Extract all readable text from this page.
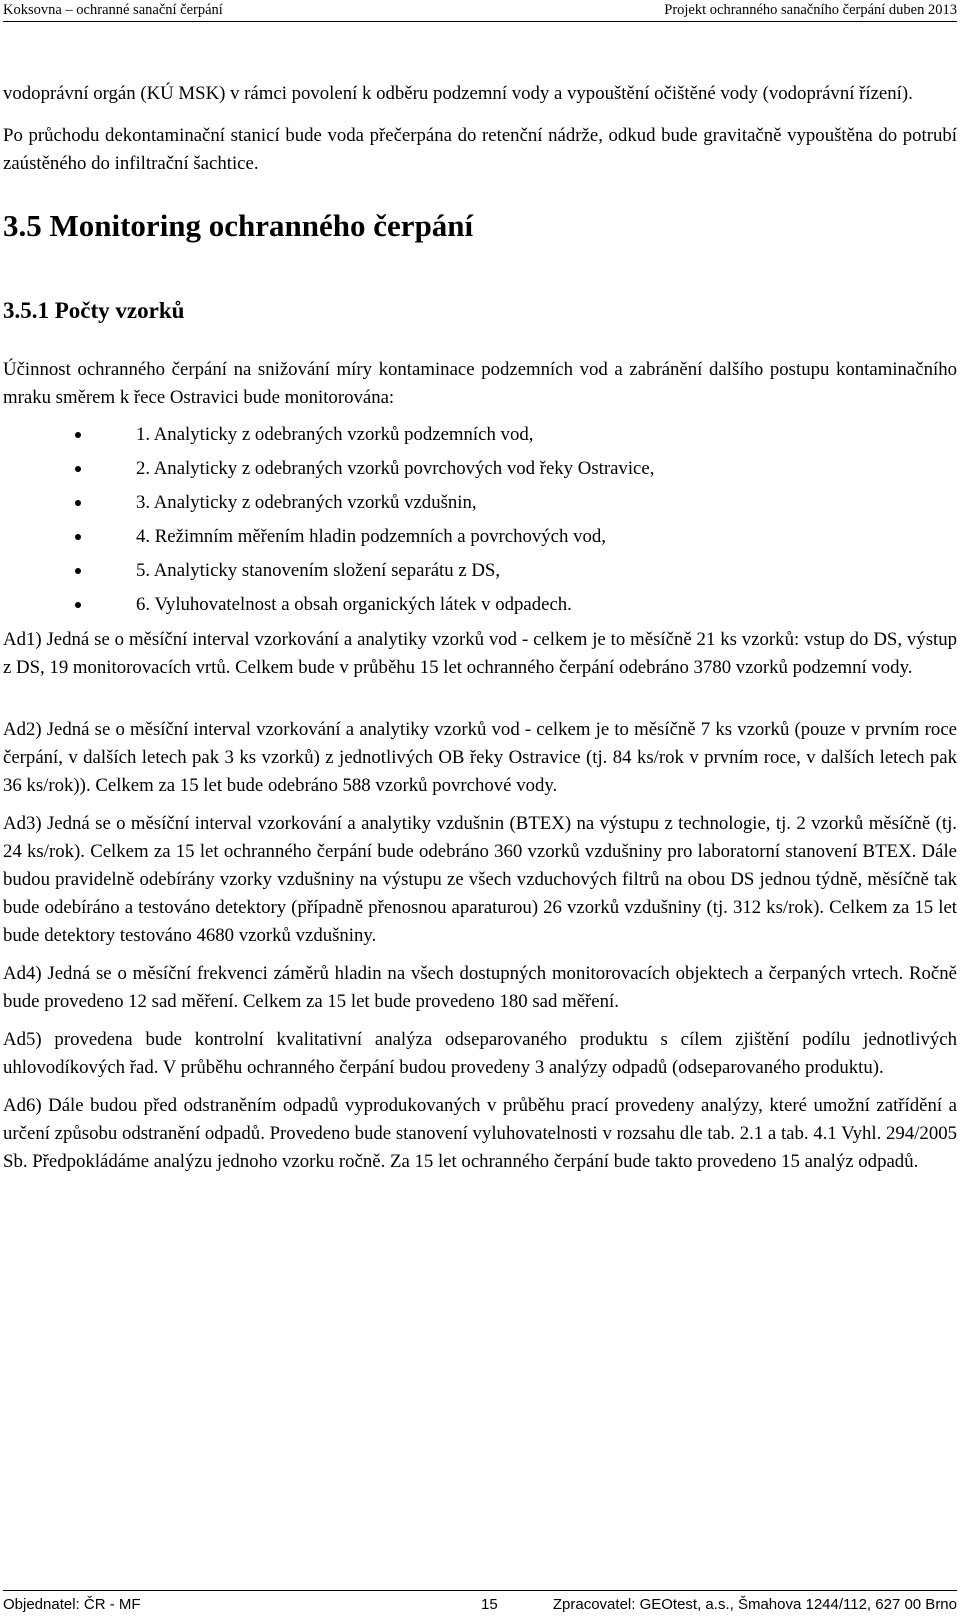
Koksovna – ochranné sanační čerpání	Projekt ochranného sanačního čerpání duben 2013

vodoprávní orgán (KÚ MSK) v rámci povolení k odběru podzemní vody a vypouštění očištěné vody (vodoprávní řízení).

Po průchodu dekontaminační stanicí bude voda přečerpána do retenční nádrže, odkud bude gravitačně vypouštěna do potrubí zaústěného do infiltrační šachtice.

3.5 Monitoring ochranného čerpání
3.5.1 Počty vzorků

Účinnost ochranného čerpání na snižování míry kontaminace podzemních vod a zabránění dalšího postupu kontaminačního mraku směrem k řece Ostravici bude monitorována:

1. Analyticky z odebraných vzorků podzemních vod,
2. Analyticky z odebraných vzorků povrchových vod řeky Ostravice,
3. Analyticky z odebraných vzorků vzdušnin,
4. Režimním měřením hladin podzemních a povrchových vod,
5. Analyticky stanovením složení separátu z DS,
6. Vyluhovatelnost a obsah organických látek v odpadech.

Ad1) Jedná se o měsíční interval vzorkování a analytiky vzorků vod - celkem je to měsíčně 21 ks vzorků: vstup do DS, výstup z DS, 19 monitorovacích vrtů. Celkem bude v průběhu 15 let ochranného čerpání odebráno 3780 vzorků podzemní vody.

Ad2) Jedná se o měsíční interval vzorkování a analytiky vzorků vod - celkem je to měsíčně 7 ks vzorků (pouze v prvním roce čerpání, v dalších letech pak 3 ks vzorků) z jednotlivých OB řeky Ostravice (tj. 84 ks/rok v prvním roce, v dalších letech pak 36 ks/rok)). Celkem za 15 let bude odebráno 588 vzorků povrchové vody.

Ad3) Jedná se o měsíční interval vzorkování a analytiky vzdušnin (BTEX) na výstupu z technologie, tj. 2 vzorků měsíčně (tj. 24 ks/rok). Celkem za 15 let ochranného čerpání bude odebráno 360 vzorků vzdušniny pro laboratorní stanovení BTEX. Dále budou pravidelně odebírány vzorky vzdušniny na výstupu ze všech vzduchových filtrů na obou DS jednou týdně, měsíčně tak bude odebíráno a testováno detektory (případně přenosnou aparaturou) 26 vzorků vzdušniny (tj. 312 ks/rok). Celkem za 15 let bude detektory testováno 4680 vzorků vzdušniny.

Ad4) Jedná se o měsíční frekvenci záměrů hladin na všech dostupných monitorovacích objektech a čerpaných vrtech. Ročně bude provedeno 12 sad měření. Celkem za 15 let bude provedeno 180 sad měření.

Ad5) provedena bude kontrolní kvalitativní analýza odseparovaného produktu s cílem zjištění podílu jednotlivých uhlovodíkových řad. V průběhu ochranného čerpání budou provedeny 3 analýzy odpadů (odseparovaného produktu).

Ad6) Dále budou před odstraněním odpadů vyprodukovaných v průběhu prací provedeny analýzy, které umožní zatřídění a určení způsobu odstranění odpadů. Provedeno bude stanovení vyluhovatelnosti v rozsahu dle tab. 2.1 a tab. 4.1 Vyhl. 294/2005 Sb. Předpokládáme analýzu jednoho vzorku ročně. Za 15 let ochranného čerpání bude takto provedeno 15 analýz odpadů.

Objednatel: ČR - MF	15	Zpracovatel: GEOtest, a.s., Šmahova 1244/112, 627 00 Brno
